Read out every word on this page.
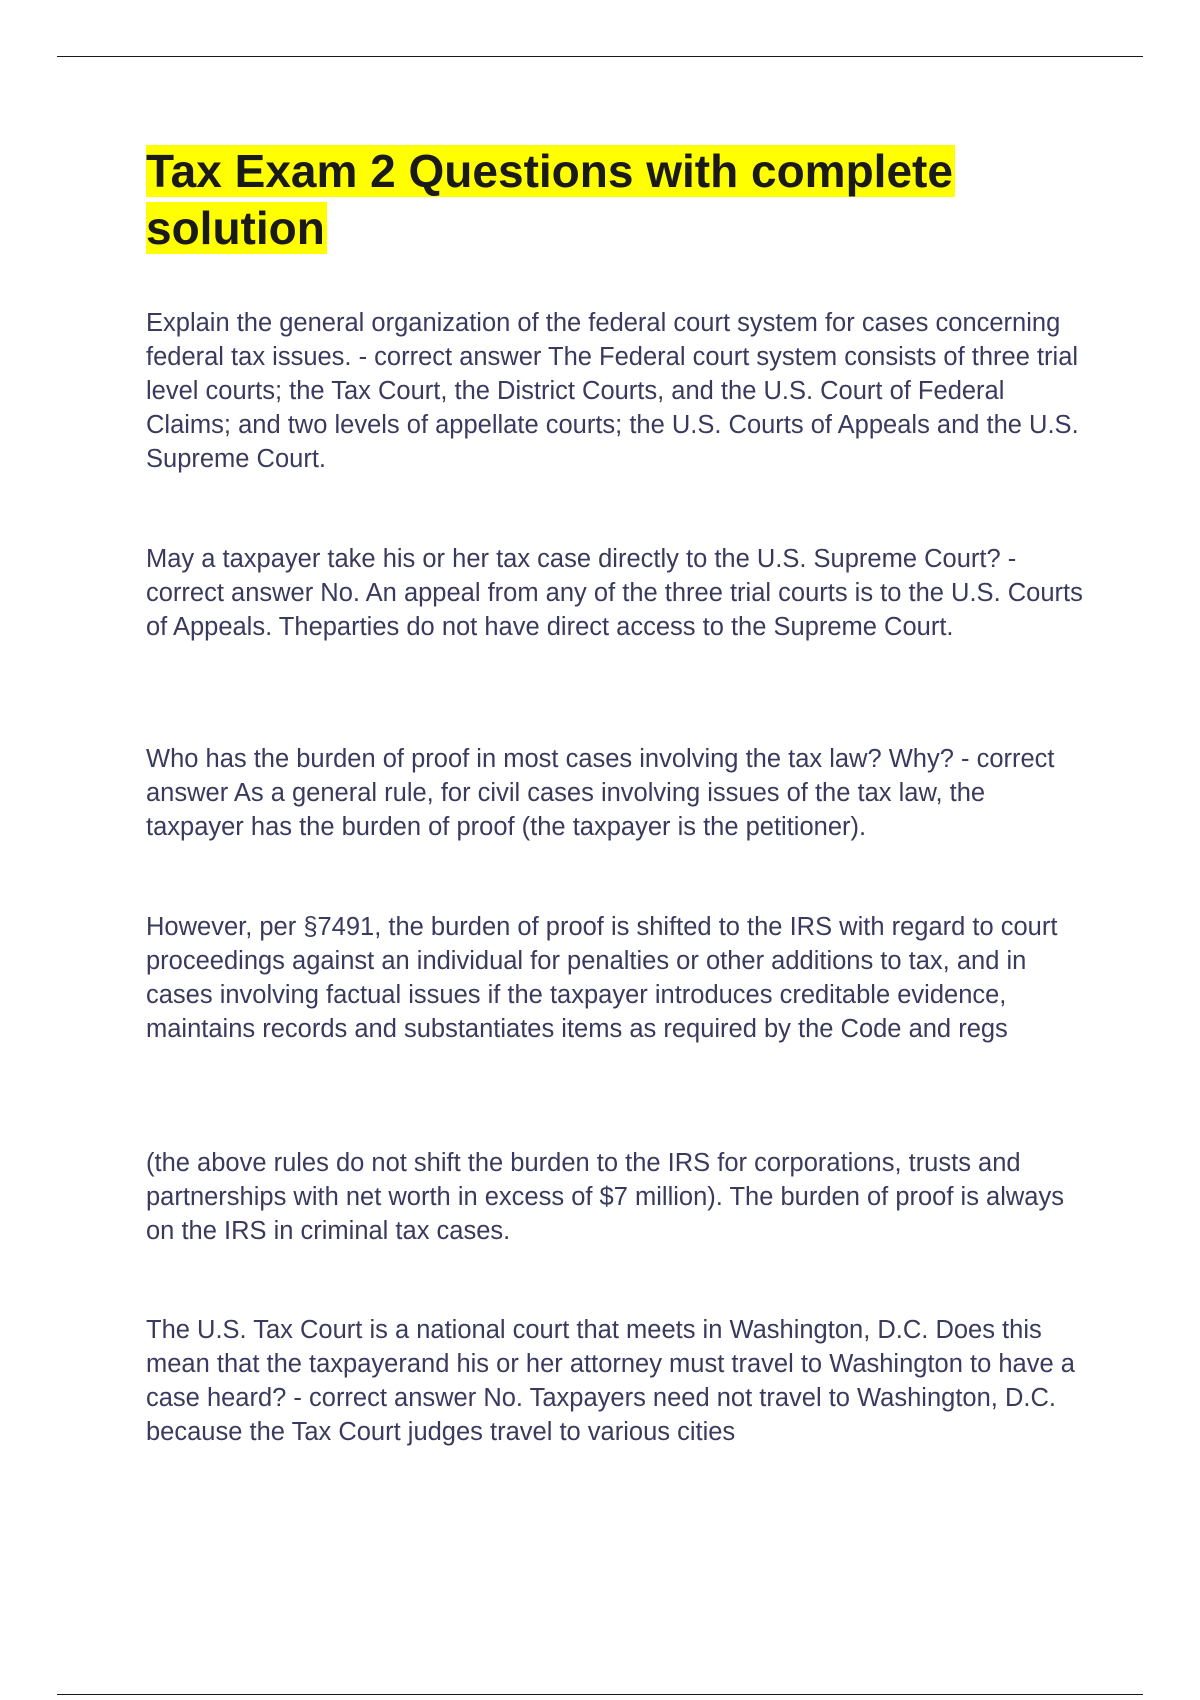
Tax Exam 2 Questions with complete solution

Explain the general organization of the federal court system for cases concerning federal tax issues. - correct answer The Federal court system consists of three trial level courts; the Tax Court, the District Courts, and the U.S. Court of Federal Claims; and two levels of appellate courts; the U.S. Courts of Appeals and the U.S. Supreme Court.

May a taxpayer take his or her tax case directly to the U.S. Supreme Court? - correct answer No. An appeal from any of the three trial courts is to the U.S. Courts of Appeals. Theparties do not have direct access to the Supreme Court.

Who has the burden of proof in most cases involving the tax law? Why? - correct answer As a general rule, for civil cases involving issues of the tax law, the taxpayer has the burden of proof (the taxpayer is the petitioner).

However, per §7491, the burden of proof is shifted to the IRS with regard to court proceedings against an individual for penalties or other additions to tax, and in cases involving factual issues if the taxpayer introduces creditable evidence, maintains records and substantiates items as required by the Code and regs

(the above rules do not shift the burden to the IRS for corporations, trusts and partnerships with net worth in excess of $7 million). The burden of proof is always on the IRS in criminal tax cases.

The U.S. Tax Court is a national court that meets in Washington, D.C. Does this mean that the taxpayerand his or her attorney must travel to Washington to have a case heard? - correct answer No. Taxpayers need not travel to Washington, D.C. because the Tax Court judges travel to various cities
